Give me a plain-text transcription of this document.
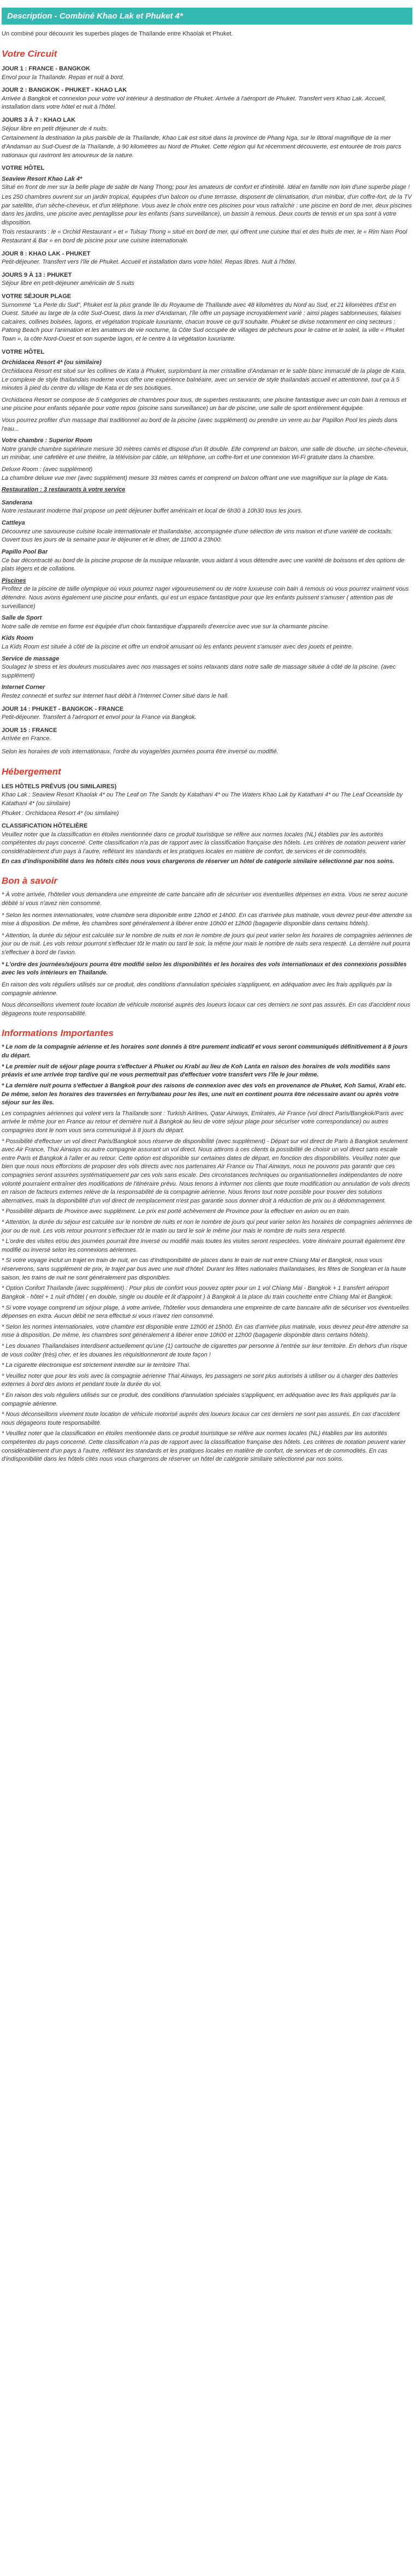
Description - Combiné Khao Lak et Phuket 4*

Un combiné pour découvrir les superbes plages de Thaïlande entre Khaolak et Phuket.

Votre Circuit
JOUR 1 : FRANCE - BANGKOK

Envol pour la Thaïlande. Repas et nuit à bord.

JOUR 2 : BANGKOK - PHUKET - KHAO LAK

Arrivée à Bangkok et connexion pour votre vol intérieur à destination de Phuket. Arrivée à l'aéroport de Phuket. Transfert vers Khao Lak. Accueil, installation dans votre hôtel et nuit à l'hôtel.

JOURS 3 À 7 : KHAO LAK

Séjour libre en petit déjeuner de 4 nuits.

Certainement la destination la plus paisible de la Thaïlande, Khao Lak est situé dans la province de Phang Nga, sur le littoral magnifique de la mer d'Andaman au Sud-Ouest de la Thaïlande, à 90 kilomètres au Nord de Phuket. Cette région qui fut récemment découverte, est entourée de trois parcs nationaux qui ravirront les amoureux de la nature.

VOTRE HÔTEL
Seaview Resort Khao Lak 4*

Situé en front de mer sur la belle plage de sable de Nang Thong; pour les amateurs de confort et d'intimité. Idéal en famille non loin d'une superbe plage !

Les 250 chambres ouvrent sur un jardin tropical, équipées d'un balcon ou d'une terrasse, disposent de climatisation, d'un minibar, d'un coffre-fort, de la TV par satellite, d'un sèche-cheveux, et d'un téléphone. Vous avez le choix entre ces piscines pour vous rafraîchir : une piscine en bord de mer, deux piscines dans les jardins, une piscine avec pentaglisse pour les enfants (sans surveillance), un bassin à remous. Deux courts de tennis et un spa sont à votre disposition.

Trois restaurants : le « Orchid Restaurant » et « Tulsay Thong » situé en bord de mer, qui offrent une cuisine thaï et des fruits de mer, le « Rim Nam Pool Restaurant & Bar » en bord de piscine pour une cuisine internationale.

JOUR 8 : KHAO LAK - PHUKET

Petit-déjeuner. Transfert vers l'île de Phuket. Accueil et installation dans votre hôtel. Repas libres. Nuit à l'hôtel.

JOURS 9 À 13 : PHUKET

Séjour libre en petit-déjeuner américain de 5 nuits

VOTRE SÉJOUR PLAGE

Surnommé "La Perle du Sud", Phuket est la plus grande île du Royaume de Thaïlande avec 48 kilomètres du Nord au Sud, et 21 kilomètres d'Est en Ouest. Située au large de la côte Sud-Ouest, dans la mer d'Andaman, l'île offre un paysage incroyablement varié : ainsi plages sablonneuses, falaises calcaires, collines boisées, lagons, et végétation tropicale luxuriante, chacun trouve ce qu'il souhaite. Phuket se divise notamment en cinq secteurs : Patong Beach pour l'animation et les amateurs de vie nocturne, la Côte Sud occupée de villages de pêcheurs pour le calme et le soleil, la ville « Phuket Town », la côte Nord-Ouest et son superbe lagon, et le centre à la végétation luxuriante.

VOTRE HÔTEL
Orchidacea Resort 4* (ou similaire)

Orchidacea Resort est situé sur les collines de Kata à Phuket, surplombant la mer cristalline d'Andaman et le sable blanc immaculé de la plage de Kata. Le complexe de style thaïlandais moderne vous offre une expérience balnéaire, avec un service de style thaïlandais accueil et attentionné, tout ça à 5 minutes à pied du centre du village de Kata et de ses boutiques.

Orchidacea Resort se compose de 5 catégories de chambres pour tous, de superbes restaurants, une piscine fantastique avec un coin bain à remous et une piscine pour enfants séparée pour votre repos (piscine sans surveillance) un bar de piscine, une salle de sport entièrement équipée.

Vous pourrez profiter d'un massage thaï traditionnel au bord de la piscine (avec supplément) ou prendre un verre au bar Papillon Pool les pieds dans l'eau...

Votre chambre : Superior Room

Notre grande chambre supérieure mesure 30 mètres carrés et dispose d'un lit double. Elle comprend un balcon, une salle de douche, un sèche-cheveux, un minibar, une cafetière et une théière, la télévision par câble, un téléphone, un coffre-fort et une connexion Wi-Fi gratuite dans la chambre.

Deluxe Room : (avec supplément)

La chambre deluxe vue mer (avec supplément) mesure 33 mètres carrés et comprend un balcon offrant une vue magnifique sur la plage de Kata.

Restauration : 3 restaurants à votre service
Sanderana

Notre restaurant moderne thaï propose un petit déjeuner buffet américain et local de 6h30 à 10h30 tous les jours.

Cattleya

Découvrez une savoureuse cuisine locale internationale et thaïlandaise, accompagnée d'une sélection de vins maison et d'une variété de cocktails. Ouvert tous les jours de la semaine pour le déjeuner et le dîner, de 11h00 à 23h00.

Papillo Pool Bar

Ce bar décontracté au bord de la piscine propose de la musique relaxante, vous aidant à vous détendre avec une variété de boissons et des options de plats légers et de collations.

Piscines

Profitez de la piscine de taille olympique où vous pourrez nager vigoureusement ou de notre luxueuse coin bain à remous où vous pourrez vraiment vous détendre. Nous avons également une piscine pour enfants, qui est un espace fantastique pour que les enfants puissent s'amuser ( attention pas de surveillance)

Salle de Sport

Notre salle de remise en forme est équipée d'un choix fantastique d'appareils d'exercice avec vue sur la charmante piscine.

Kids Room

La Kids Room est située à côté de la piscine et offre un endroit amusant où les enfants peuvent s'amuser avec des jouets et peintre.

Service de massage

Soulagez le stress et les douleurs musculaires avec nos massages et soins relaxants dans notre salle de massage située à côté de la piscine. (avec supplément)

Internet Corner

Restez connecté et surfez sur Internet haut débit à l'Internet Corner situé dans le hall.

JOUR 14 : PHUKET - BANGKOK - FRANCE

Petit-déjeuner. Transfert à l'aéroport et envol pour la France via Bangkok.

JOUR 15 : FRANCE

Arrivée en France.

Selon les horaires de vols internationaux, l'ordre du voyage/des journées pourra être inversé ou modifié.

Hébergement
LES HÔTELS PRÉVUS (OU SIMILAIRES)

Khao Lak : Seaview Resort Khaolak 4* ou The Leaf on The Sands by Katathani 4* ou The Waters Khao Lak by Katathani 4* ou The Leaf Oceanside by Katathani 4* (ou similaire)

Phuket : Orchidacea Resort 4* (ou similaire)

CLASSIFICATION HÔTELIÈRE

Veuillez noter que la classification en étoiles mentionnée dans ce produit touristique se réfère aux normes locales (NL) établies par les autorités compétentes du pays concerné. Cette classification n'a pas de rapport avec la classification française des hôtels. Les critères de notation peuvent varier considérablement d'un pays à l'autre, reflétant les standards et les pratiques locales en matière de confort, de services et de commodités.

En cas d'indisponibilité dans les hôtels cités nous vous chargerons de réserver un hôtel de catégorie similaire sélectionné par nos soins.

Bon à savoir

* À votre arrivée, l'hôtelier vous demandera une empreinte de carte bancaire afin de sécuriser vos éventuelles dépenses en extra. Vous ne serez aucune débité si vous n'avez rien consommé.

* Selon les normes internationales, votre chambre sera disponible entre 12h00 et 14h00. En cas d'arrivée plus matinale, vous devrez peut-être attendre sa mise à disposition. De même, les chambres sont généralement à libérer entre 10h00 et 12h00 (bagagerie disponible dans certains hôtels).

* Attention, la durée du séjour est calculée sur le nombre de nuits et non le nombre de jours qui peut varier selon les horaires de compagnies aériennes de jour ou de nuit. Les vols retour pourront s'effectuer tôt le matin ou tard le soir, la même jour mais le nombre de nuits sera respecté. La dernière nuit pourra s'effectuer à bord de l'avion.

* L'ordre des journées/séjours pourra être modifié selon les disponibilités et les horaires des vols internationaux et des connexions possibles avec les vols intérieurs en Thaïlande.

En raison des vols réguliers utilisés sur ce produit, des conditions d'annulation spéciales s'appliquent, en adéquation avec les frais appliqués par la compagnie aérienne.

Nous déconseillons vivement toute location de véhicule motorisé auprès des loueurs locaux car ces derniers ne sont pas assurés. En cas d'accident nous dégageons toute responsabilité.

Informations Importantes

* Le nom de la compagnie aérienne et les horaires sont donnés à titre purement indicatif et vous seront communiqués définitivement à 8 jours du départ.

* Le premier nuit de séjour plage pourra s'effectuer à Phuket ou Krabi au lieu de Koh Lanta en raison des horaires de vols modifiés sans préavis et une arrivée trop tardive qui ne vous permettrait pas d'effectuer votre transfert vers l'île le jour même.

* La dernière nuit pourra s'effectuer à Bangkok pour des raisons de connexion avec des vols en provenance de Phuket, Koh Samui, Krabi etc. De même, selon les horaires des traversées en ferry/bateau pour les îles, une nuit en continent pourra être nécessaire avant ou après votre séjour sur les îles.

Les compagnies aériennes qui volent vers la Thaïlande sont : Turkish Airlines, Qatar Airways, Emirates, Air France (vol direct Paris/Bangkok/Paris avec arrivée le même jour en France au retour et dernière nuit à Bangkok au lieu de votre séjour plage pour sécuriser votre correspondance) ou autres compagnies dont le nom vous sera communiqué à 8 jours du départ.

* Possibilité d'effectuer un vol direct Paris/Bangkok sous réserve de disponibilité (avec supplément) - Départ sur vol direct de Paris à Bangkok seulement avec Air France, Thaï Airways ou autre compagnie assurant un vol direct. Nous attirons à ces clients la possibilité de choisir un vol direct sans escale entre Paris et Bangkok à l'aller et au retour. Cette option est disponible sur certaines dates de départ, en fonction des disponibilités. Veuillez noter que bien que nous nous efforcions de proposer des vols directs avec nos partenaires Air France ou Thaï Airways, nous ne pouvons pas garantir que ces compagnies seront assurées systématiquement par ces vols sans escale. Des circonstances techniques ou organisationnelles indépendantes de notre volonté pourraient entraîner des modifications de l'itinéraire prévu. Nous tenons à informer nos clients que toute modification ou annulation de vols directs en raison de facteurs externes relève de la responsabilité de la compagnie aérienne. Nous ferons tout notre possible pour trouver des solutions alternatives, mais la disponibilité d'un vol direct de remplacement n'est pas garantie sous donner droit à réduction de prix ou à dédommagement.

* Possibilité départs de Province avec supplément. Le prix est porté achèvement de Province pour la effectuer en avion ou en train.

* Attention, la durée du séjour est calculée sur le nombre de nuits et non le nombre de jours qui peut varier selon les horaires de compagnies aériennes de jour ou de nuit. Les vols retour pourront s'effectuer tôt le matin ou tard le soir le même jour mais le nombre de nuits sera respecté.

* L'ordre des visites et/ou des journées pourrait être inversé ou modifié mais toutes les visites seront respectées. Votre itinéraire pourrait également être modifié ou inversé selon les connexions aériennes.

* Si votre voyage inclut un trajet en train de nuit, en cas d'indisponibilité de places dans le train de nuit entre Chiang Mai et Bangkok, nous vous réserverons, sans supplément de prix, le trajet par bus avec une nuit d'hôtel. Durant les fêtes nationales thaïlandaises, les fêtes de Songkran et la haute saison, les trains de nuit ne sont généralement pas disponibles.

* Option Confort Thaïlande (avec supplément) : Pour plus de confort vous pouvez opter pour un 1 vol Chiang Mai - Bangkok + 1 transfert aéroport Bangkok - hôtel + 1 nuit d'hôtel ( en double, single ou double et lit d'appoint ) à Bangkok à la place du train couchette entre Chiang Mai et Bangkok.

* Si votre voyage comprend un séjour plage, à votre arrivée, l'hôtelier vous demandera une empreinte de carte bancaire afin de sécuriser vos éventuelles dépenses en extra. Aucun débit ne sera effectué si vous n'avez rien consommé.

* Selon les normes internationales, votre chambre est disponible entre 12h00 et 15h00. En cas d'arrivée plus matinale, vous devrez peut-être attendre sa mise à disposition. De même, les chambres sont généralement à libérer entre 10h00 et 12h00 (bagagerie disponible dans certains hôtels).

* Les douanes Thaïlandaises interdisent actuellement qu'une (1) cartouche de cigarettes par personne à l'entrée sur leur territoire. En dehors d'un risque de vous coûter (très) cher, et les douanes les réquisitionneront de toute façon !

* La cigarette électronique est strictement interdite sur le territoire Thaï.

* Veuillez noter que pour les vols avec la compagnie aérienne Thaï Airways, les passagers ne sont plus autorisés à utiliser ou à charger des batteries externes à bord des avions et pendant toute la durée du vol.

* En raison des vols réguliers utilisés sur ce produit, des conditions d'annulation spéciales s'appliquent, en adéquation avec les frais appliqués par la compagnie aérienne.

* Nous déconseillons vivement toute location de véhicule motorisé auprès des loueurs locaux car ces derniers ne sont pas assurés. En cas d'accident nous dégageons toute responsabilité.

* Veuillez noter que la classification en étoiles mentionnée dans ce produit touristique se réfère aux normes locales (NL) établies par les autorités compétentes du pays concerné. Cette classification n'a pas de rapport avec la classification française des hôtels. Les critères de notation peuvent varier considérablement d'un pays à l'autre, reflétant les standards et les pratiques locales en matière de confort, de services et de commodités. En cas d'indisponibilité dans les hôtels cités nous vous chargerons de réserver un hôtel de catégorie similaire sélectionné par nos soins.
